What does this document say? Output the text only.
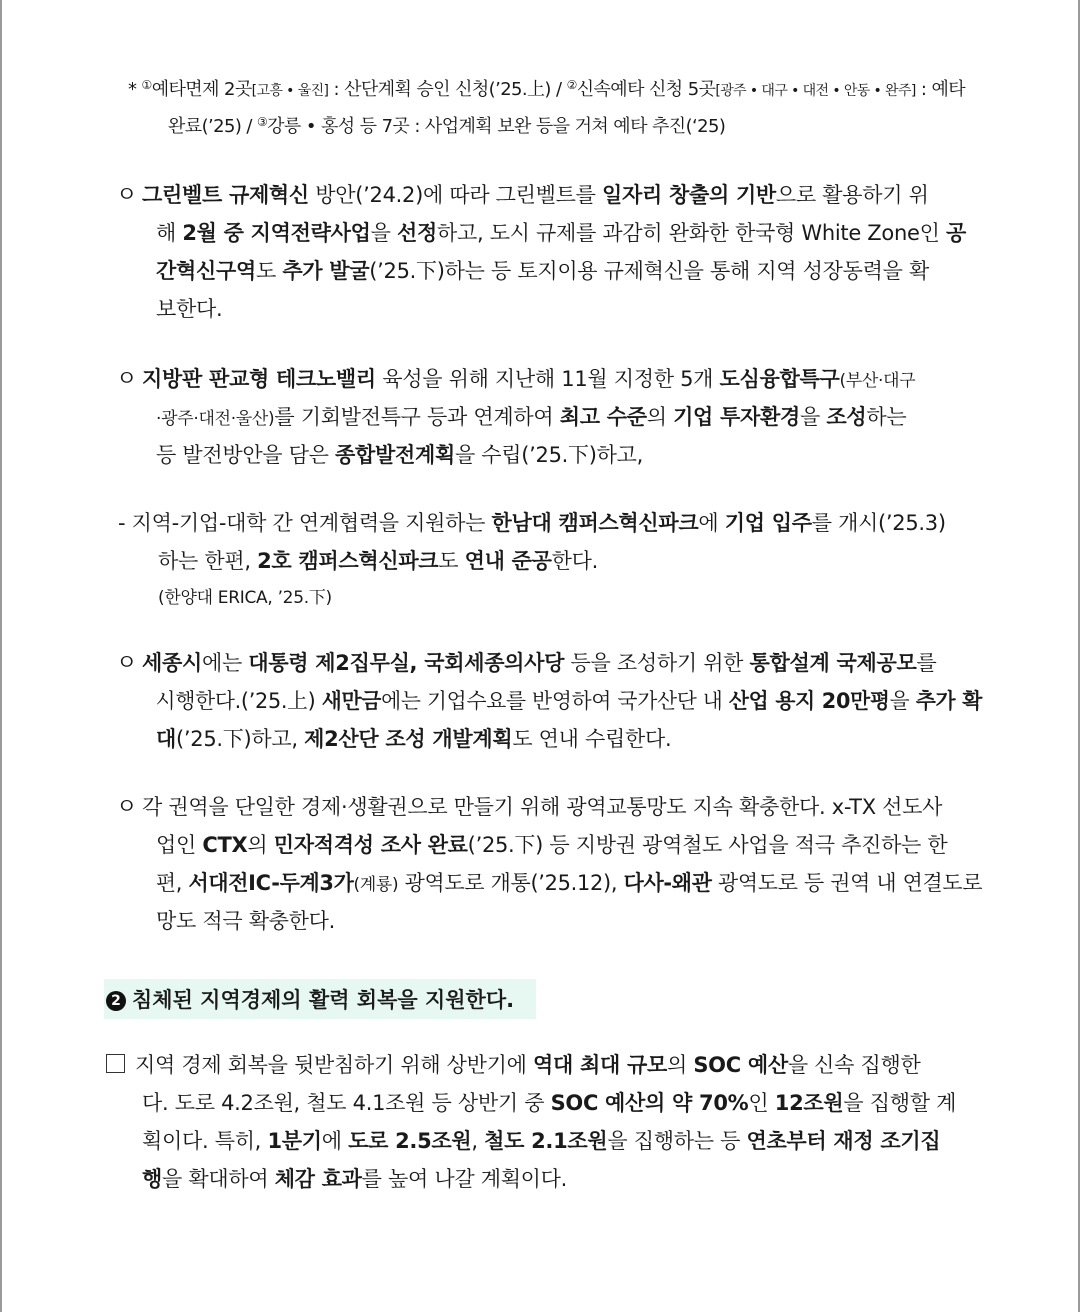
* ①예타면제 2곳[고흥 • 울진] : 산단계획 승인 신청(’25.上) / ②신속예타 신청 5곳[광주 • 대구 • 대전 • 안동 • 완주] : 예타
완료(’25) / ③강릉 • 홍성 등 7곳 : 사업계획 보완 등을 거쳐 예타 추진(‘25)
ㅇ 그린벨트 규제혁신 방안(’24.2)에 따라 그린벨트를 일자리 창출의 기반으로 활용하기 위
해 2월 중 지역전략사업을 선정하고, 도시 규제를 과감히 완화한 한국형 White Zone인 공
간혁신구역도 추가 발굴(’25.下)하는 등 토지이용 규제혁신을 통해 지역 성장동력을 확
보한다.
ㅇ 지방판 판교형 테크노밸리 육성을 위해 지난해 11월 지정한 5개 도심융합특구(부산·대구
·광주·대전·울산)를 기회발전특구 등과 연계하여 최고 수준의 기업 투자환경을 조성하는
등 발전방안을 담은 종합발전계획을 수립(’25.下)하고,
- 지역-기업-대학 간 연계협력을 지원하는 한남대 캠퍼스혁신파크에 기업 입주를 개시(’25.3)
하는 한편, 2호 캠퍼스혁신파크도 연내 준공한다.
(한양대 ERICA, ’25.下)
ㅇ 세종시에는 대통령 제2집무실, 국회세종의사당 등을 조성하기 위한 통합설계 국제공모를
시행한다.(’25.上) 새만금에는 기업수요를 반영하여 국가산단 내 산업 용지 20만평을 추가 확
대(’25.下)하고, 제2산단 조성 개발계획도 연내 수립한다.
ㅇ 각 권역을 단일한 경제·생활권으로 만들기 위해 광역교통망도 지속 확충한다. x-TX 선도사
업인 CTX의 민자적격성 조사 완료(’25.下) 등 지방권 광역철도 사업을 적극 추진하는 한
편, 서대전IC-두계3가(계룡) 광역도로 개통(’25.12), 다사-왜관 광역도로 등 권역 내 연결도로
망도 적극 확충한다.
2 침체된 지역경제의 활력 회복을 지원한다.
지역 경제 회복을 뒷받침하기 위해 상반기에 역대 최대 규모의 SOC 예산을 신속 집행한
다. 도로 4.2조원, 철도 4.1조원 등 상반기 중 SOC 예산의 약 70%인 12조원을 집행할 계
획이다. 특히, 1분기에 도로 2.5조원, 철도 2.1조원을 집행하는 등 연초부터 재정 조기집
행을 확대하여 체감 효과를 높여 나갈 계획이다.
